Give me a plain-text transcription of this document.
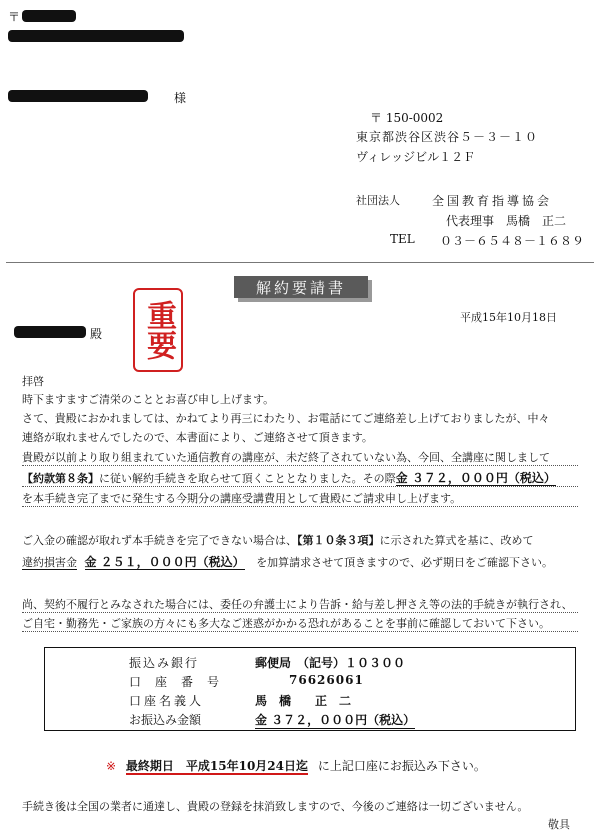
〒
様
〒 150-0002
東京都渋谷区渋谷５－３－１０
ヴィレッジビル１２Ｆ
社団法人	全国教育指導協会
代表理事　馬橋　正二
TEL ０３－６５４８－１６８９
解約要請書
重要	平成15年10月18日
殿
拝啓
時下ますますご清栄のこととお喜び申し上げます。
さて、貴殿におかれましては、かねてより再三にわたり、お電話にてご連絡差し上げておりましたが、中々
連絡が取れませんでしたので、本書面により、ご連絡させて頂きます。
貴殿が以前より取り組まれていた通信教育の講座が、未だ終了されていない為、今回、全講座に関しまして
【約款第８条】に従い解約手続きを取らせて頂くこととなりました。その際金 ３７２，０００円（税込）
を本手続き完了までに発生する今期分の講座受講費用として貴殿にご請求申し上げます。
ご入金の確認が取れず本手続きを完了できない場合は、【第１０条３項】に示された算式を基に、改めて
違約損害金 金 ２５１，０００円（税込） を加算請求させて頂きますので、必ず期日をご確認下さい。
尚、契約不履行とみなされた場合には、委任の弁護士により告訴・給与差し押さえ等の法的手続きが執行され、
ご自宅・勤務先・ご家族の方々にも多大なご迷惑がかかる恐れがあることを事前に確認しておいて下さい。
振込み銀行	郵便局　（記号）１０３００
口座番号	76626061
口座名義人	馬　橋　　正　二
お振込み金額	金 ３７２，０００円（税込）
※ 最終期日　平成15年10月24日迄 に上記口座にお振込み下さい。
手続き後は全国の業者に通達し、貴殿の登録を抹消致しますので、今後のご連絡は一切ございません。
敬具
